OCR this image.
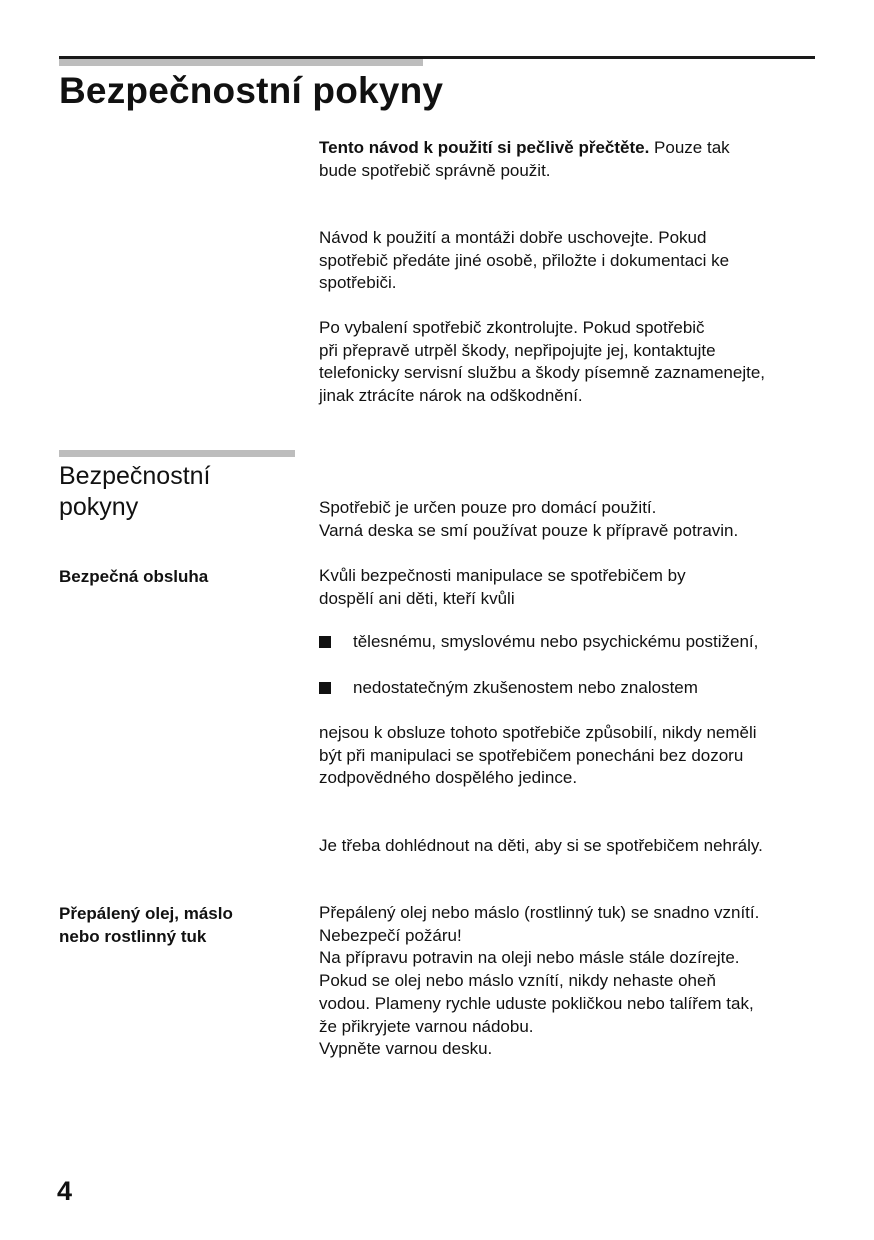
Bezpečnostní pokyny
Tento návod k použití si pečlivě přečtěte. Pouze tak
bude spotřebič správně použit.
Návod k použití a montáži dobře uschovejte. Pokud
spotřebič předáte jiné osobě, přiložte i dokumentaci ke
spotřebiči.
Po vybalení spotřebič zkontrolujte. Pokud spotřebič
při přepravě utrpěl škody, nepřipojujte jej, kontaktujte
telefonicky servisní službu a škody písemně zaznamenejte,
jinak ztrácíte nárok na odškodnění.
Bezpečnostní
pokyny	Spotřebič je určen pouze pro domácí použití.
Varná deska se smí používat pouze k přípravě potravin.
Bezpečná obsluha	Kvůli bezpečnosti manipulace se spotřebičem by
dospělí ani děti, kteří kvůli
tělesnému, smyslovému nebo psychickému postižení,
nedostatečným zkušenostem nebo znalostem
nejsou k obsluze tohoto spotřebiče způsobilí, nikdy neměli
být při manipulaci se spotřebičem ponecháni bez dozoru
zodpovědného dospělého jedince.
Je třeba dohlédnout na děti, aby si se spotřebičem nehrály.
Přepálený olej, máslo
nebo rostlinný tuk
Přepálený olej nebo máslo (rostlinný tuk) se snadno vznítí.
Nebezpečí požáru!
Na přípravu potravin na oleji nebo másle stále dozírejte.
Pokud se olej nebo máslo vznítí, nikdy nehaste oheň
vodou. Plameny rychle uduste pokličkou nebo talířem tak,
že přikryjete varnou nádobu.
Vypněte varnou desku.
4
